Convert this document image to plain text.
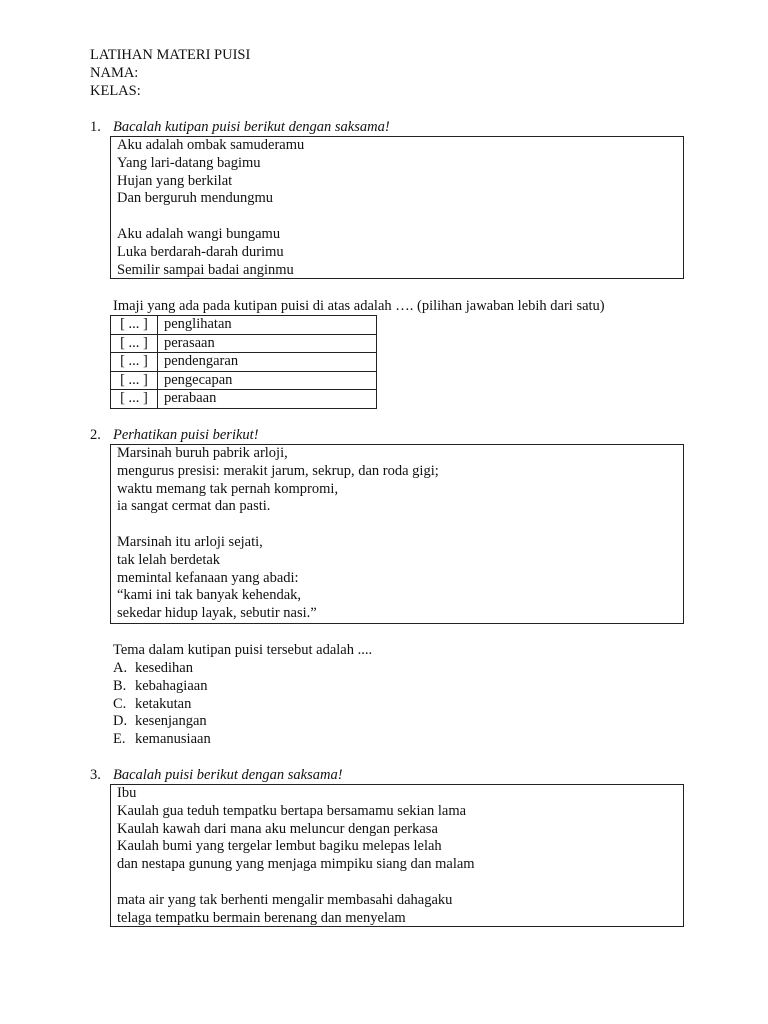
LATIHAN MATERI PUISI
NAMA:
KELAS:
1. Bacalah kutipan puisi berikut dengan saksama!
Aku adalah ombak samuderamu
Yang lari-datang bagimu
Hujan yang berkilat
Dan berguruh mendungmu
Aku adalah wangi bungamu
Luka berdarah-darah durimu
Semilir sampai badai anginmu
Imaji yang ada pada kutipan puisi di atas adalah …. (pilihan jawaban lebih dari satu)
[ ... ]	penglihatan
[ ... ]	perasaan
[ ... ]	pendengaran
[ ... ]	pengecapan
[ ... ]	perabaan
2. Perhatikan puisi berikut!
Marsinah buruh pabrik arloji,
mengurus presisi: merakit jarum, sekrup, dan roda gigi;
waktu memang tak pernah kompromi,
ia sangat cermat dan pasti.
Marsinah itu arloji sejati,
tak lelah berdetak
memintal kefanaan yang abadi:
“kami ini tak banyak kehendak,
sekedar hidup layak, sebutir nasi.”
Tema dalam kutipan puisi tersebut adalah ....
A. kesedihan
B. kebahagiaan
C. ketakutan
D. kesenjangan
E. kemanusiaan
3. Bacalah puisi berikut dengan saksama!
Ibu
Kaulah gua teduh tempatku bertapa bersamamu sekian lama
Kaulah kawah dari mana aku meluncur dengan perkasa
Kaulah bumi yang tergelar lembut bagiku melepas lelah
dan nestapa gunung yang menjaga mimpiku siang dan malam
mata air yang tak berhenti mengalir membasahi dahagaku
telaga tempatku bermain berenang dan menyelam
